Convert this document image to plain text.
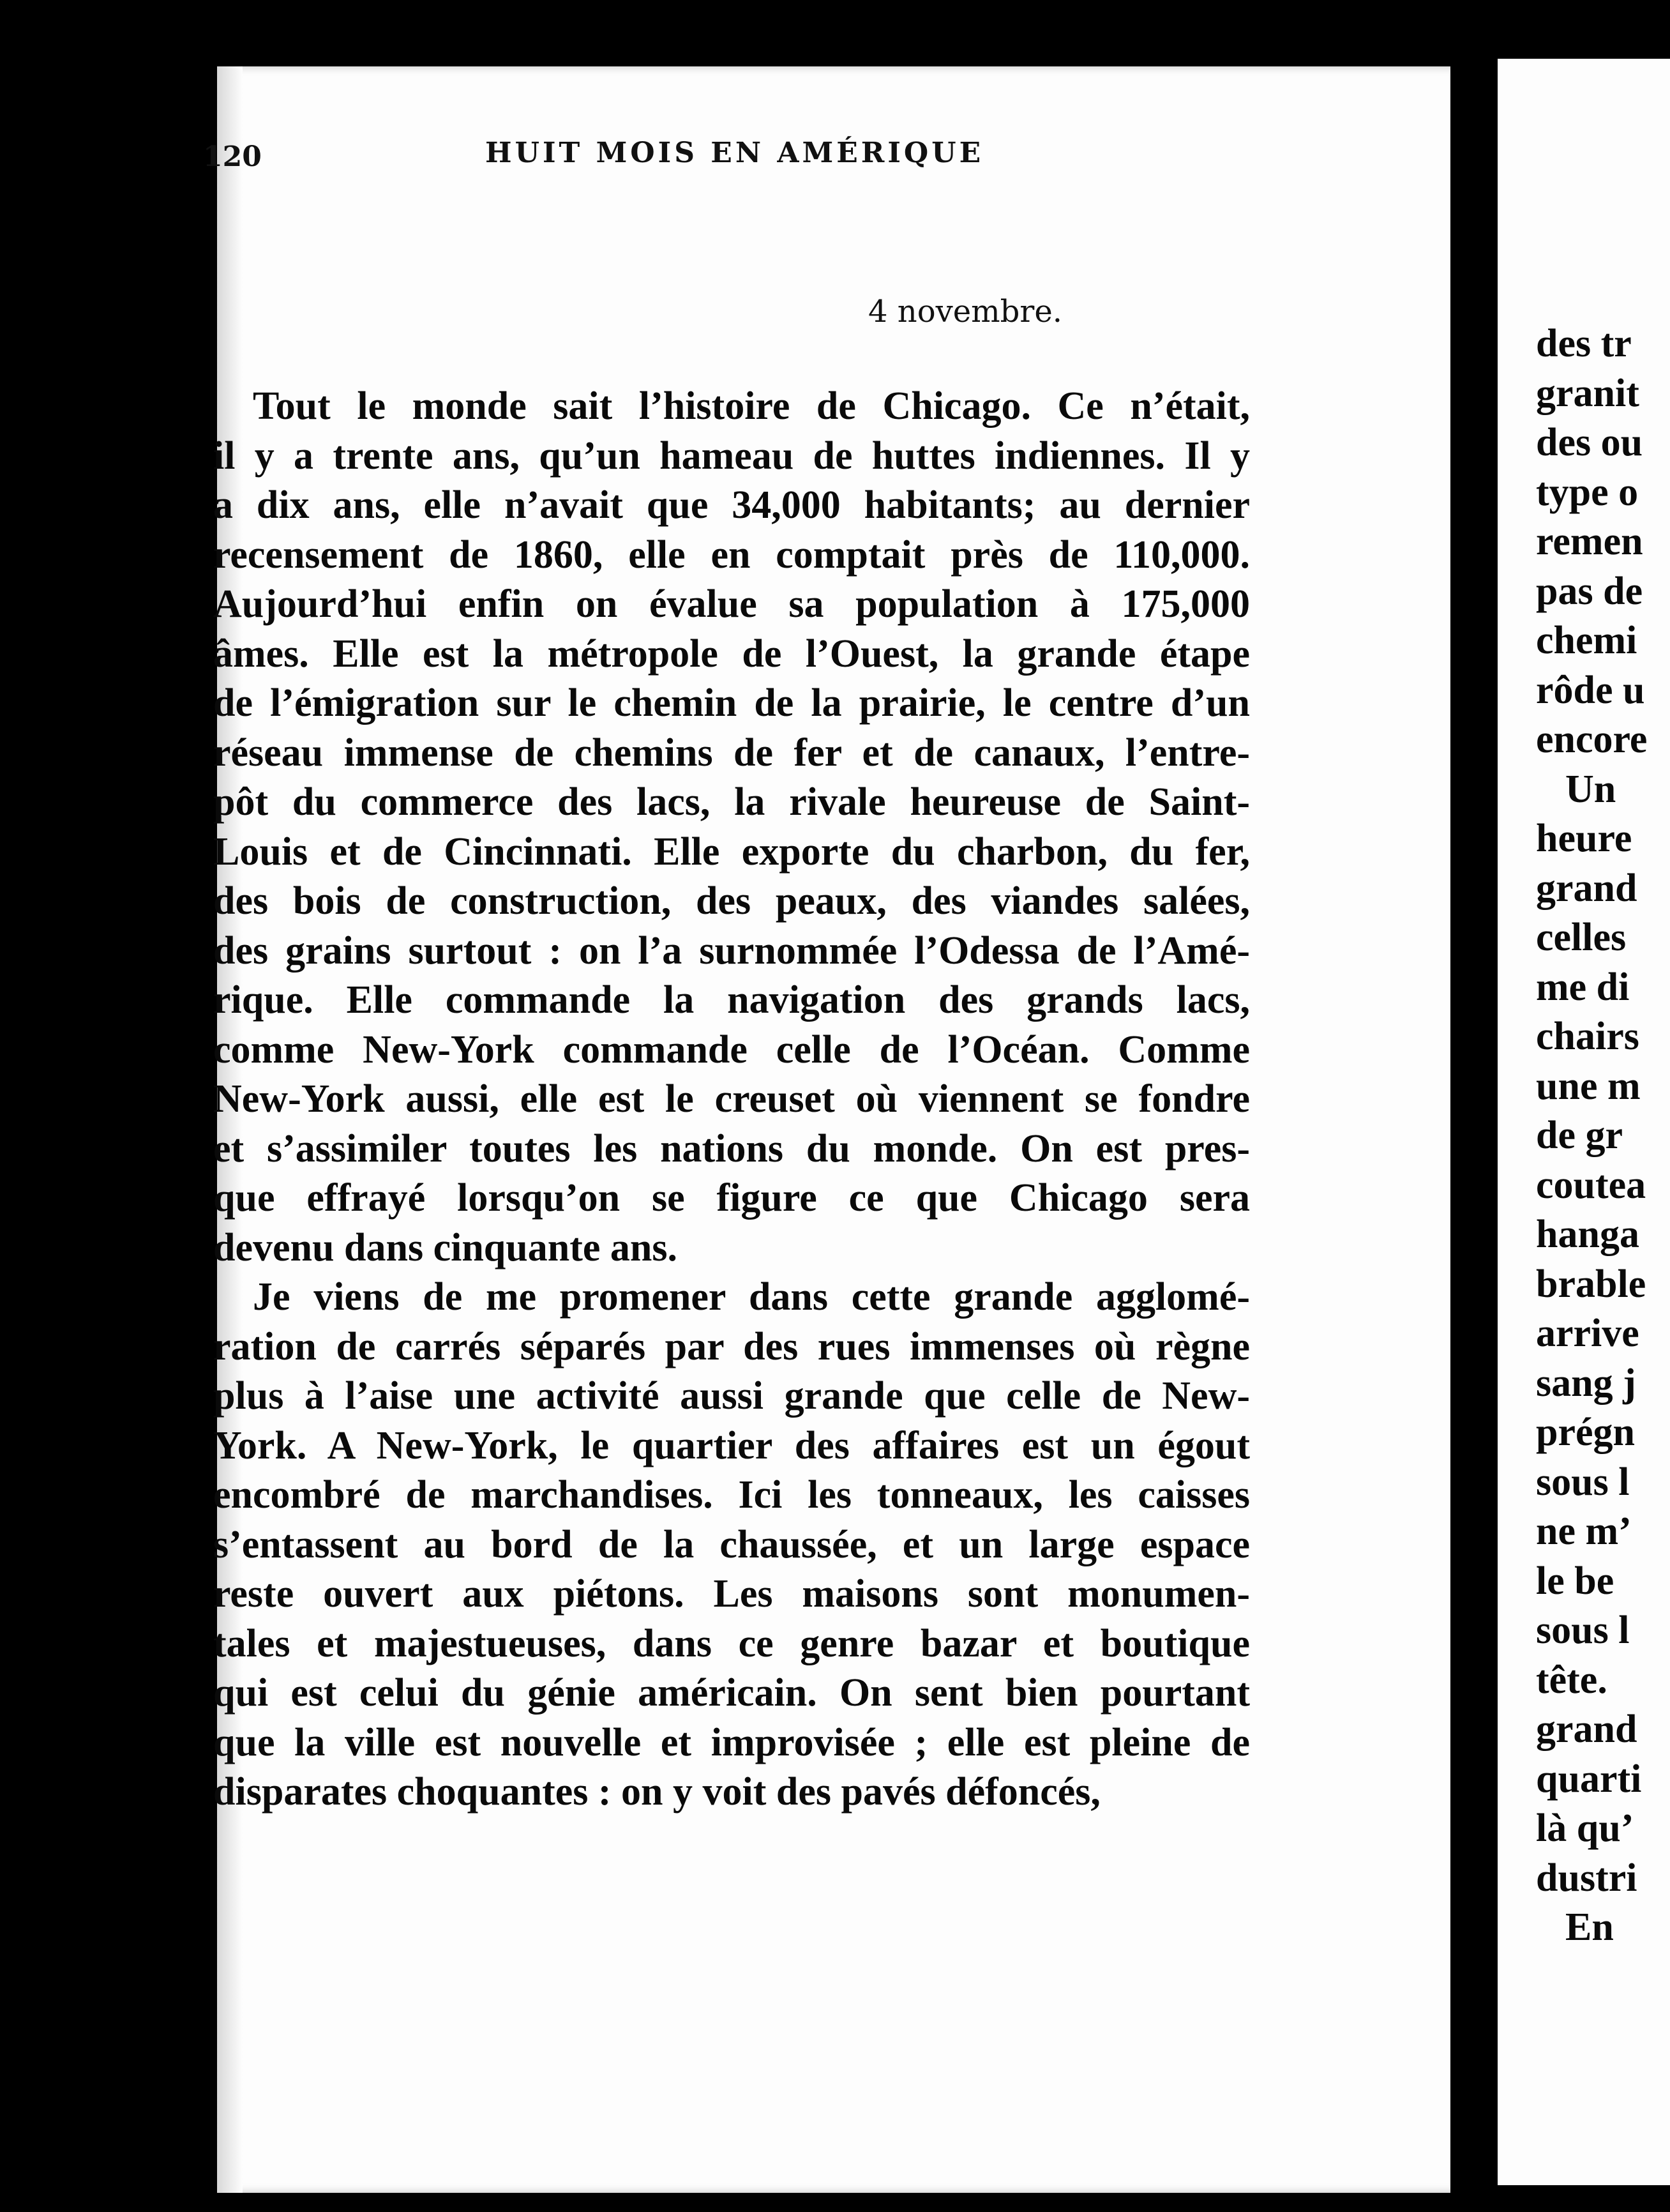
des tr
granit
des ou
type o
remen
pas de
chemi
rôde u
encore
Un
heure
grand
celles
me di
chairs
une m
de gr
couteа
hanga
brable
arrive
sang j
prégn
sous l
ne m’
le be
sous l
tête.
grand
quarti
là qu’
dustri
En
120	HUIT MOIS EN AMÉRIQUE
4 novembre.
Tout le monde sait l’histoire de Chicago. Ce n’était,
il y a trente ans, qu’un hameau de huttes indiennes. Il y
a dix ans, elle n’avait que 34,000 habitants; au dernier
recensement de 1860, elle en comptait près de 110,000.
Aujourd’hui enfin on évalue sa population à 175,000
âmes. Elle est la métropole de l’Ouest, la grande étape
de l’émigration sur le chemin de la prairie, le centre d’un
réseau immense de chemins de fer et de canaux, l’entre-
pôt du commerce des lacs, la rivale heureuse de Saint-
Louis et de Cincinnati. Elle exporte du charbon, du fer,
des bois de construction, des peaux, des viandes salées,
des grains surtout : on l’a surnommée l’Odessa de l’Amé-
rique. Elle commande la navigation des grands lacs,
comme New-York commande celle de l’Océan. Comme
New-York aussi, elle est le creuset où viennent se fondre
et s’assimiler toutes les nations du monde. On est pres-
que effrayé lorsqu’on se figure ce que Chicago sera
devenu dans cinquante ans.
Je viens de me promener dans cette grande agglomé-
ration de carrés séparés par des rues immenses où règne
plus à l’aise une activité aussi grande que celle de New-
York. A New-York, le quartier des affaires est un égout
encombré de marchandises. Ici les tonneaux, les caisses
s’entassent au bord de la chaussée, et un large espace
reste ouvert aux piétons. Les maisons sont monumen-
tales et majestueuses, dans ce genre bazar et boutique
qui est celui du génie américain. On sent bien pourtant
que la ville est nouvelle et improvisée ; elle est pleine de
disparates choquantes : on y voit des pavés défoncés,
